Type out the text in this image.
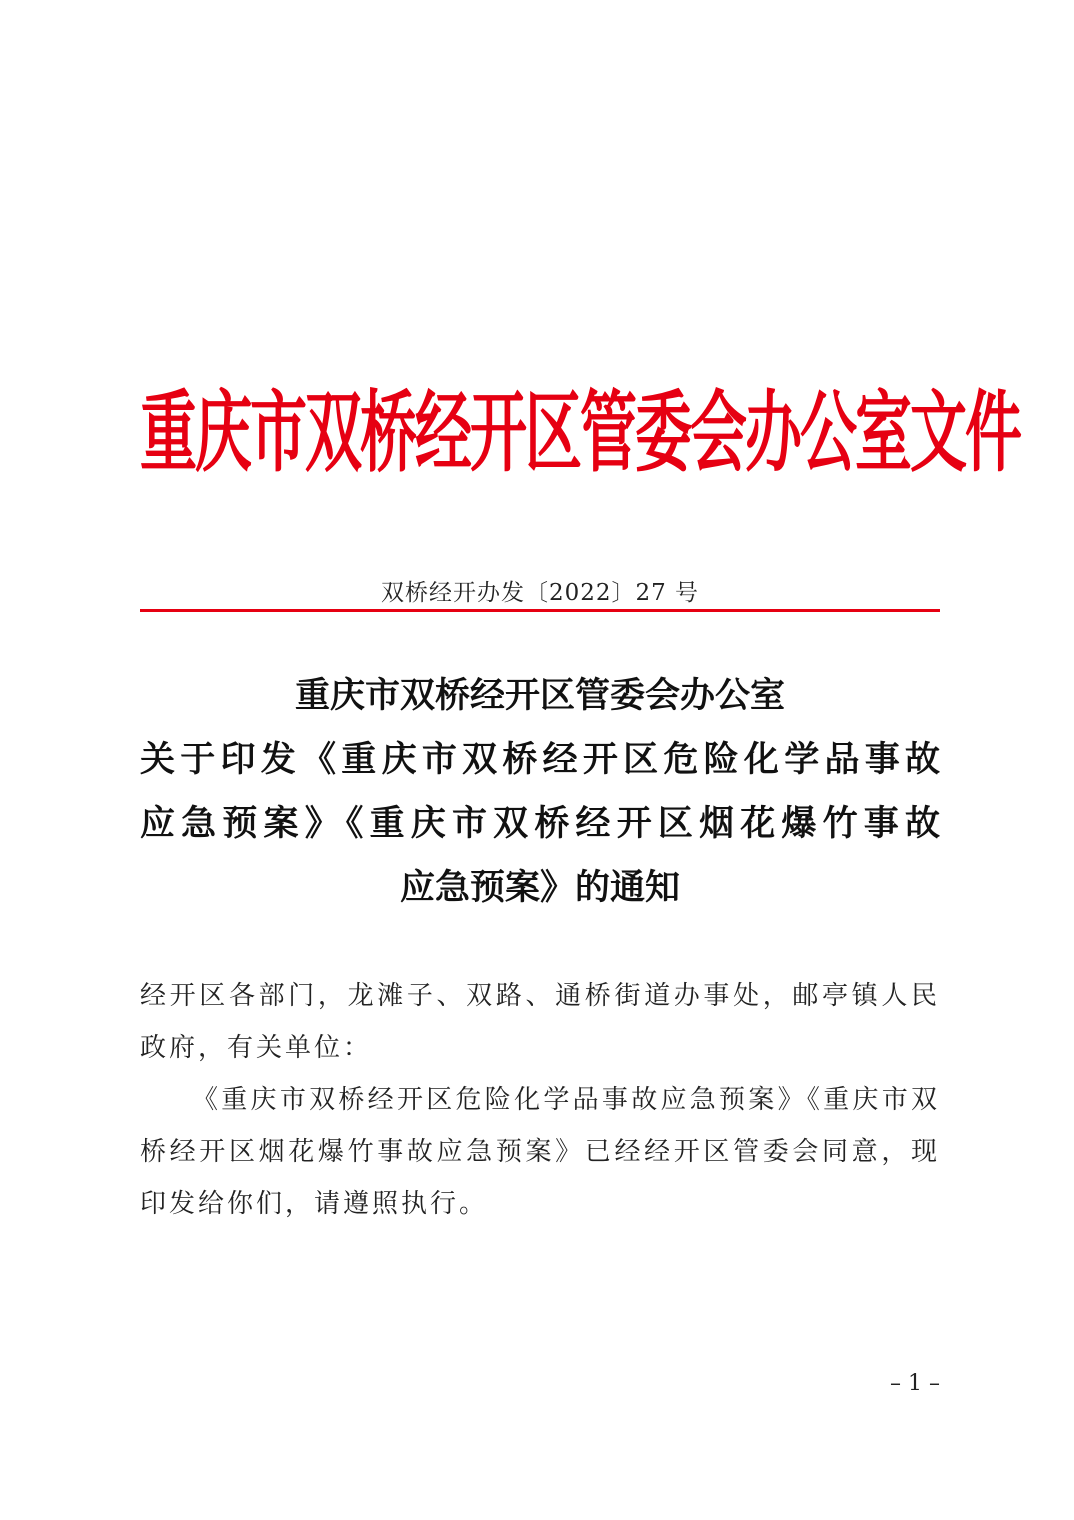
重庆市双桥经开区管委会办公室文件
双桥经开办发〔2022〕27 号
重庆市双桥经开区管委会办公室
关于印发《重庆市双桥经开区危险化学品事故
应急预案》《重庆市双桥经开区烟花爆竹事故
应急预案》的通知

经开区各部门，龙滩子、双路、通桥街道办事处，邮亭镇人民政府，有关单位：

《重庆市双桥经开区危险化学品事故应急预案》《重庆市双桥经开区烟花爆竹事故应急预案》已经经开区管委会同意，现印发给你们，请遵照执行。

– 1 –
